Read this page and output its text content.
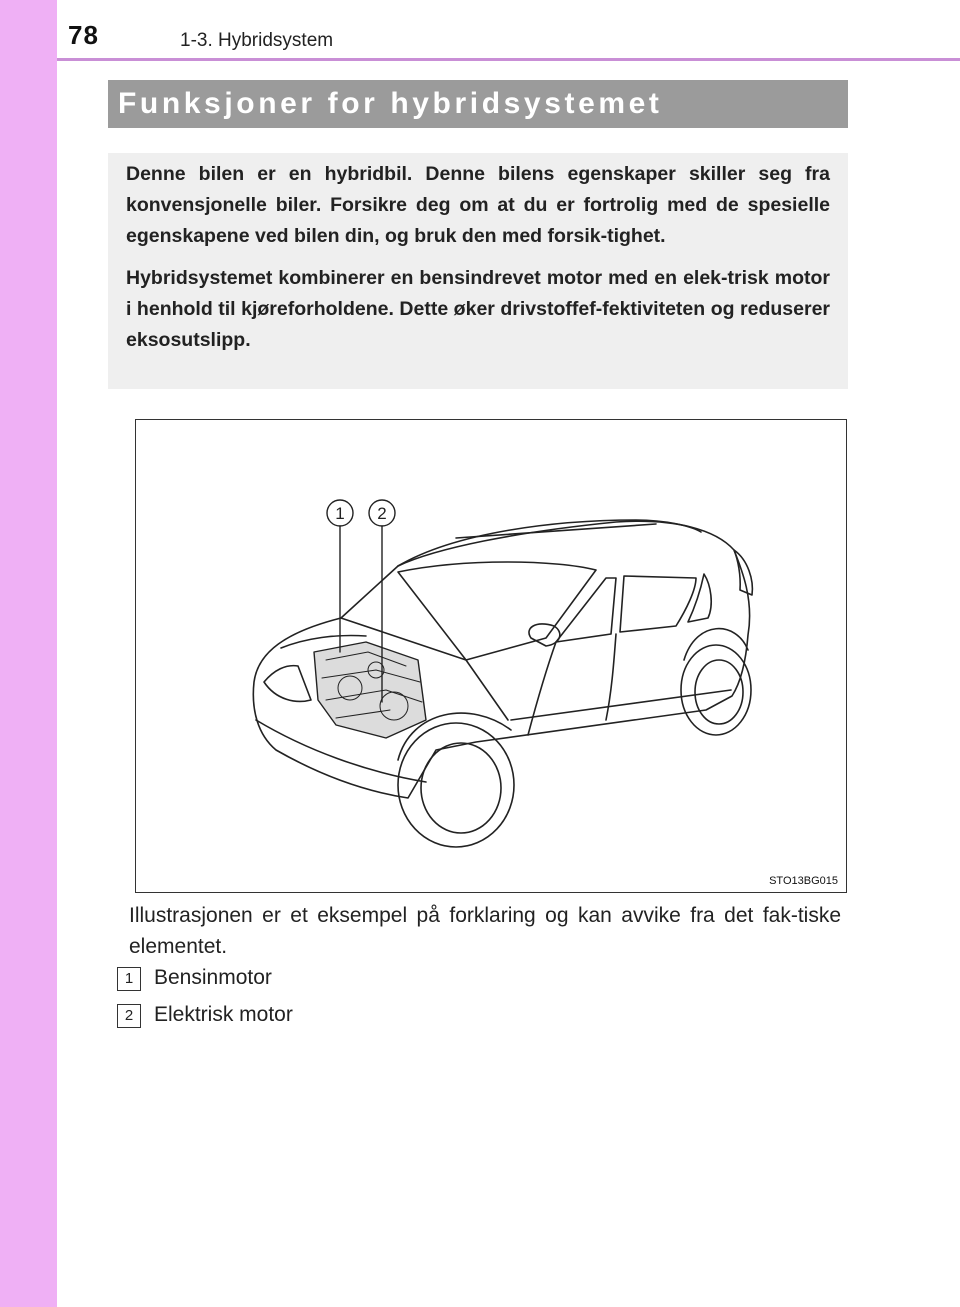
78	1-3. Hybridsystem
Funksjoner for hybridsystemet

Denne bilen er en hybridbil. Denne bilens egenskaper skiller seg fra konvensjonelle biler. Forsikre deg om at du er fortrolig med de spesielle egenskapene ved bilen din, og bruk den med forsik-tighet.

Hybridsystemet kombinerer en bensindrevet motor med en elek-trisk motor i henhold til kjøreforholdene. Dette øker drivstoffef-fektiviteten og reduserer eksosutslipp.

1 2
STO13BG015

Illustrasjonen er et eksempel på forklaring og kan avvike fra det fak-tiske elementet.

1 Bensinmotor
2 Elektrisk motor
